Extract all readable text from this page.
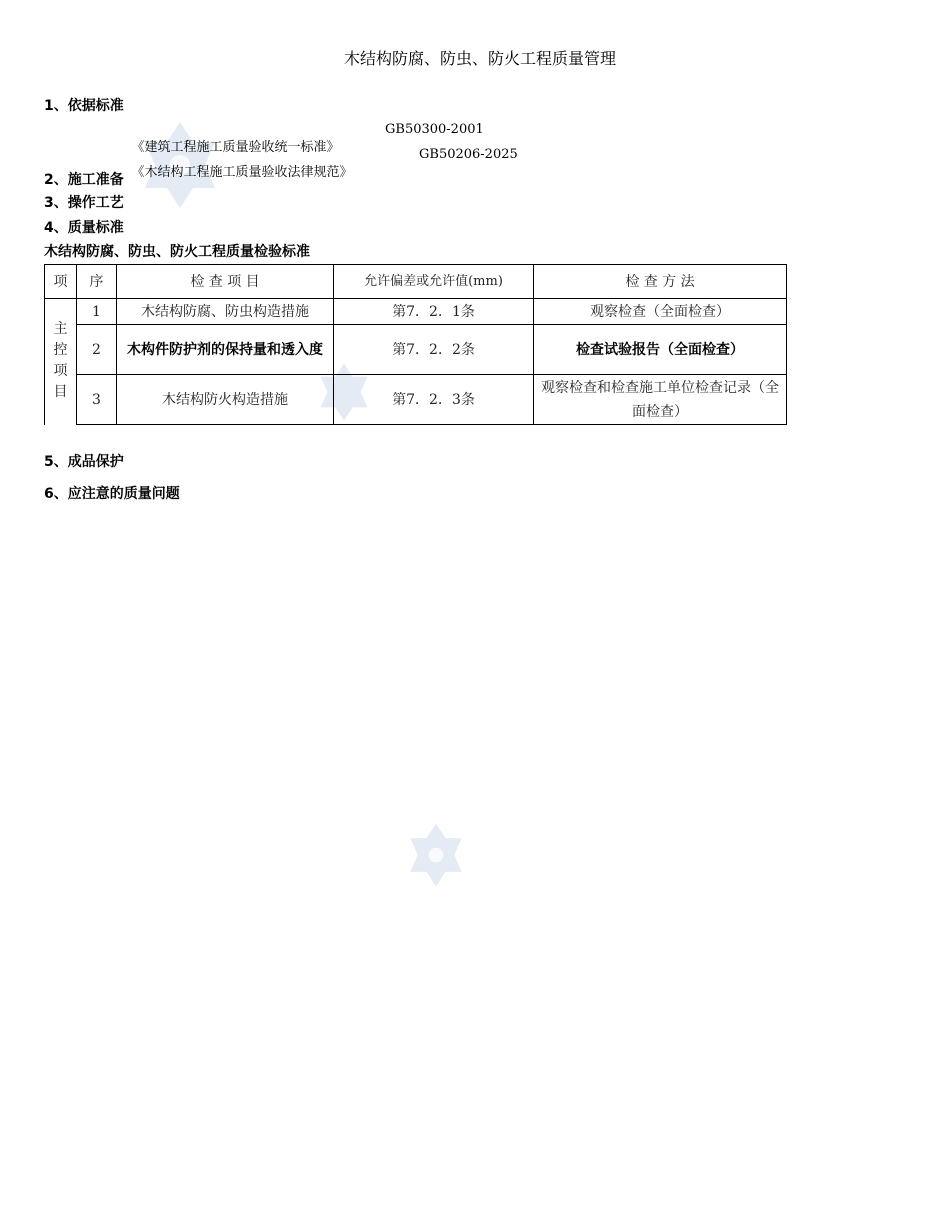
木结构防腐、防虫、防火工程质量管理
1、依据标准

《建筑工程施工质量验收统一标准》

GB50300-2001

《木结构工程施工质量验收法律规范》

GB50206-2025

2、施工准备
3、操作工艺
4、质量标准
木结构防腐、防虫、防火工程质量检验标准
项	序	检 查 项 目	允许偏差或允许值(mm)	检 查 方 法
主
控
项
目	1	木结构防腐、防虫构造措施	第7．2．1条	观察检查（全面检查）
	2	木构件防护剂的保持量和透入度	第7．2．2条	检查试验报告（全面检查）
	3	木结构防火构造措施	第7．2．3条	观察检查和检查施工单位检查记录（全面检查）
5、成品保护
6、应注意的质量问题
